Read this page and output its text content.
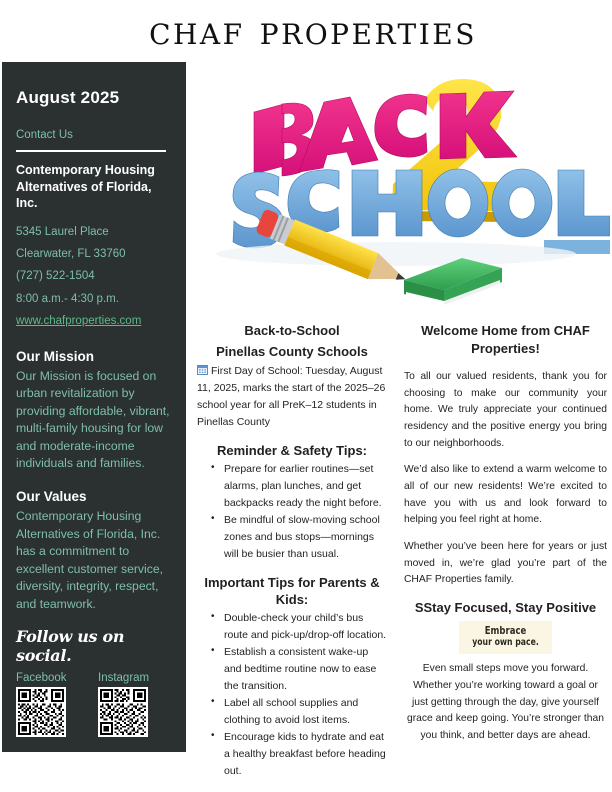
chaf properties
August 2025
Contact Us
Contemporary Housing Alternatives of Florida, Inc.
5345 Laurel Place
Clearwater, FL 33760
(727) 522-1504
8:00 a.m.- 4:30 p.m.
www.chafproperties.com
Our Mission
Our Mission is focused on urban revitalization by providing affordable, vibrant, multi-family housing for low and moderate-income individuals and families.
Our Values
Contemporary Housing Alternatives of Florida, Inc. has a commitment to excellent customer service, diversity, integrity, respect, and teamwork.
Follow us on social.
Facebook	Instagram
Back-to-School
Pinellas County Schools

First Day of School: Tuesday, August 11, 2025, marks the start of the 2025–26 school year for all PreK–12 students in Pinellas County

Reminder & Safety Tips:
• Prepare for earlier routines—set alarms, plan lunches, and get backpacks ready the night before.
• Be mindful of slow-moving school zones and bus stops—mornings will be busier than usual.
Important Tips for Parents & Kids:
• Double-check your child’s bus route and pick-up/drop-off location.
• Establish a consistent wake-up and bedtime routine now to ease the transition.
• Label all school supplies and clothing to avoid lost items.
• Encourage kids to hydrate and eat a healthy breakfast before heading out.
Welcome Home from CHAF Properties!

To all our valued residents, thank you for choosing to make our community your home. We truly appreciate your continued residency and the positive energy you bring to our neighborhoods.

We’d also like to extend a warm welcome to all of our new residents! We’re excited to have you with us and look forward to helping you feel right at home.

Whether you’ve been here for years or just moved in, we’re glad you’re part of the CHAF Properties family.

SStay Focused, Stay Positive
Embrace
your own pace.

Even small steps move you forward. Whether you’re working toward a goal or just getting through the day, give yourself grace and keep going. You’re stronger than you think, and better days are ahead.
